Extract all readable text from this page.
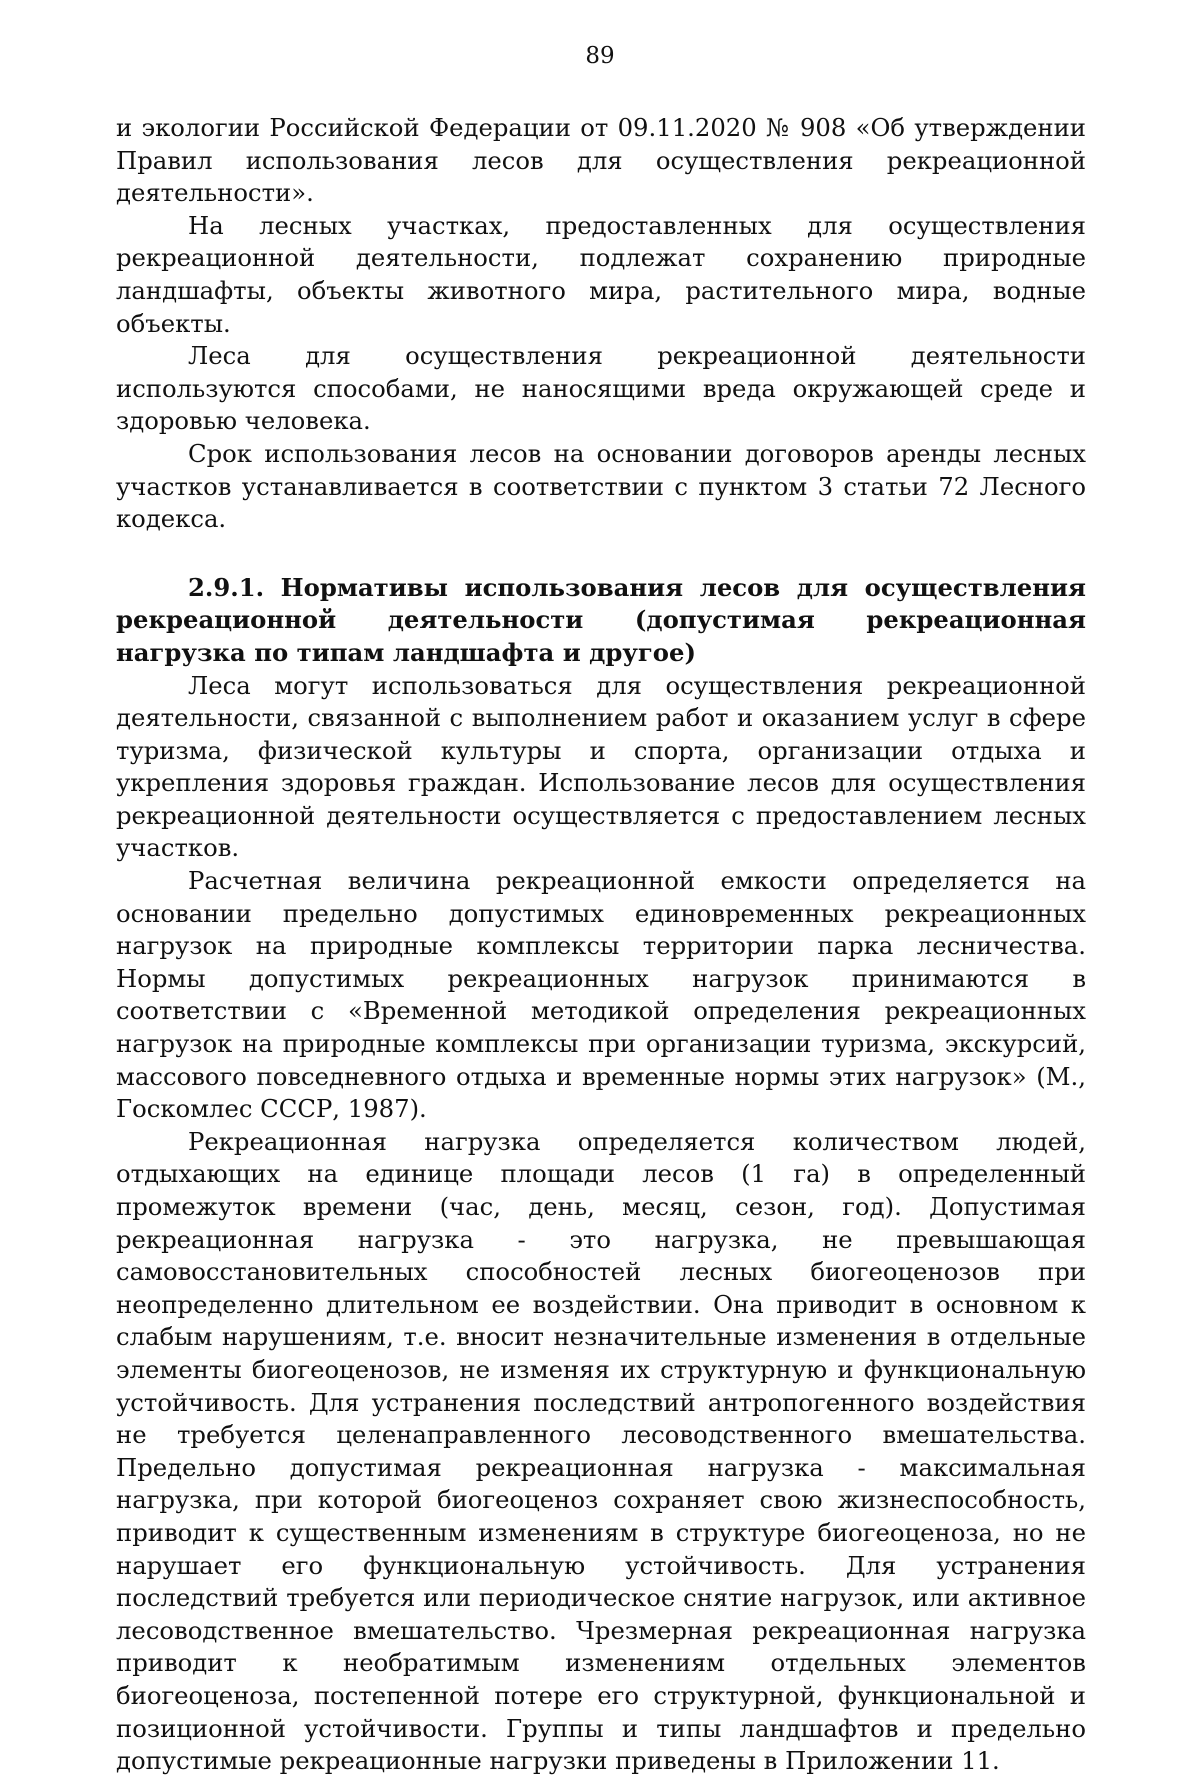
89

и экологии Российской Федерации от 09.11.2020 № 908 «Об утверждении Правил использования лесов для осуществления рекреационной деятельности».

На лесных участках, предоставленных для осуществления рекреационной деятельности, подлежат сохранению природные ландшафты, объекты животного мира, растительного мира, водные объекты.

Леса для осуществления рекреационной деятельности используются способами, не наносящими вреда окружающей среде и здоровью человека.

Срок использования лесов на основании договоров аренды лесных участков устанавливается в соответствии с пунктом 3 статьи 72 Лесного кодекса.

2.9.1. Нормативы использования лесов для осуществления рекреационной деятельности (допустимая рекреационная нагрузка по типам ландшафта и другое)

Леса могут использоваться для осуществления рекреационной деятельности, связанной с выполнением работ и оказанием услуг в сфере туризма, физической культуры и спорта, организации отдыха и укрепления здоровья граждан. Использование лесов для осуществления рекреационной деятельности осуществляется с предоставлением лесных участков.

Расчетная величина рекреационной емкости определяется на основании предельно допустимых единовременных рекреационных нагрузок на природные комплексы территории парка лесничества. Нормы допустимых рекреационных нагрузок принимаются в соответствии с «Временной методикой определения рекреационных нагрузок на природные комплексы при организации туризма, экскурсий, массового повседневного отдыха и временные нормы этих нагрузок» (М., Госкомлес СССР, 1987).

Рекреационная нагрузка определяется количеством людей, отдыхающих на единице площади лесов (1 га) в определенный промежуток времени (час, день, месяц, сезон, год). Допустимая рекреационная нагрузка - это нагрузка, не превышающая самовосстановительных способностей лесных биогеоценозов при неопределенно длительном ее воздействии. Она приводит в основном к слабым нарушениям, т.е. вносит незначительные изменения в отдельные элементы биогеоценозов, не изменяя их структурную и функциональную устойчивость. Для устранения последствий антропогенного воздействия не требуется целенаправленного лесоводственного вмешательства. Предельно допустимая рекреационная нагрузка - максимальная нагрузка, при которой биогеоценоз сохраняет свою жизнеспособность, приводит к существенным изменениям в структуре биогеоценоза, но не нарушает его функциональную устойчивость. Для устранения последствий требуется или периодическое снятие нагрузок, или активное лесоводственное вмешательство. Чрезмерная рекреационная нагрузка приводит к необратимым изменениям отдельных элементов биогеоценоза, постепенной потере его структурной, функциональной и позиционной устойчивости. Группы и типы ландшафтов и предельно допустимые рекреационные нагрузки приведены в Приложении 11.
